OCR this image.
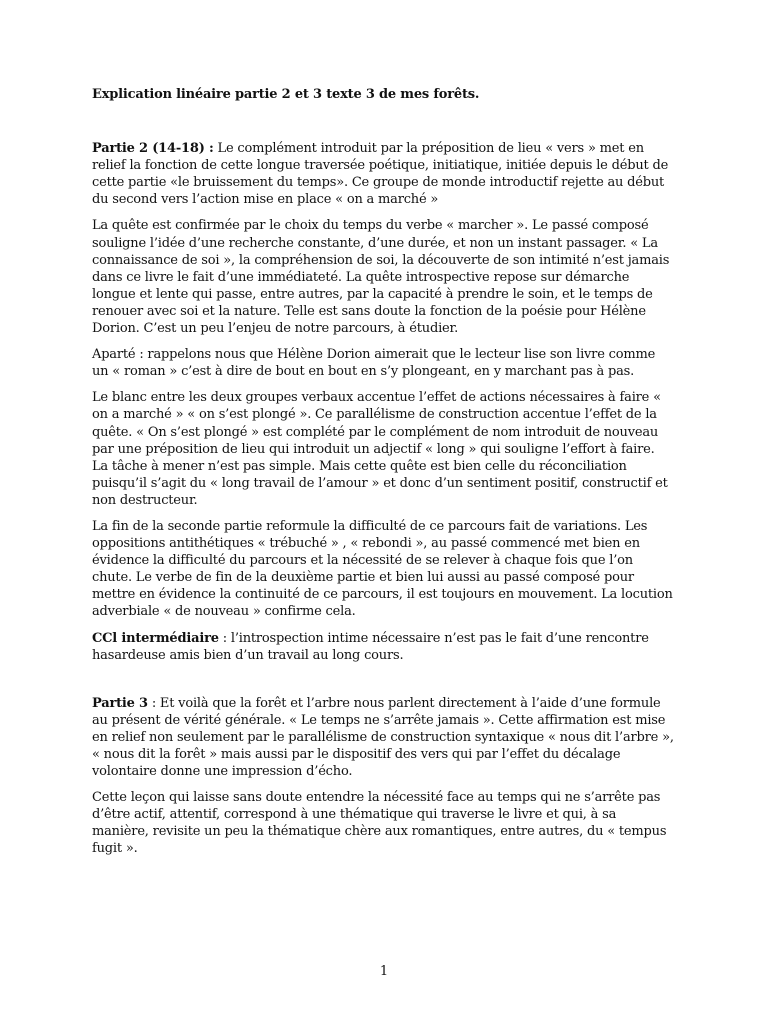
Explication linéaire partie 2 et 3 texte 3 de mes forêts.

Partie 2 (14-18) : Le complément introduit par la préposition de lieu « vers » met en relief la fonction de cette longue traversée poétique, initiatique, initiée depuis le début de cette partie «le bruissement du temps». Ce groupe de monde introductif rejette au début du second vers l’action mise en place « on a marché »

La quête est confirmée par le choix du temps du verbe « marcher ». Le passé composé souligne l’idée d’une recherche constante, d’une durée, et non un instant passager. « La connaissance de soi », la compréhension de soi, la découverte de son intimité n’est jamais dans ce livre le fait d’une immédiateté. La quête introspective repose sur démarche longue et lente qui passe, entre autres, par la capacité à prendre le soin, et le temps de renouer avec soi et la nature. Telle est sans doute la fonction de la poésie pour Hélène Dorion. C’est un peu l’enjeu de notre parcours, à étudier.

Aparté : rappelons nous que Hélène Dorion aimerait que le lecteur lise son livre comme un « roman » c’est à dire de bout en bout en s’y plongeant, en y marchant pas à pas.

Le blanc entre les deux groupes verbaux accentue l’effet de actions nécessaires à faire « on a marché » « on s’est plongé ». Ce parallélisme de construction accentue l’effet de la quête. « On s’est plongé » est complété par le complément de nom introduit de nouveau par une préposition de lieu qui introduit un adjectif « long » qui souligne l’effort à faire. La tâche à mener n’est pas simple. Mais cette quête est bien celle du réconciliation puisqu’il s’agit du « long travail de l’amour » et donc d’un sentiment positif, constructif et non destructeur.

La fin de la seconde partie reformule la difficulté de ce parcours fait de variations. Les oppositions antithétiques « trébuché » , « rebondi », au passé commencé met bien en évidence la difficulté du parcours et la nécessité de se relever à chaque fois que l’on chute. Le verbe de fin de la deuxième partie et bien lui aussi au passé composé pour mettre en évidence la continuité de ce parcours, il est toujours en mouvement. La locution adverbiale « de nouveau » confirme cela.

CCl intermédiaire : l’introspection intime nécessaire n’est pas le fait d’une rencontre hasardeuse amis bien d’un travail au long cours.

Partie 3 : Et voilà que la forêt et l’arbre nous parlent directement à l’aide d’une formule au présent de vérité générale. « Le temps ne s’arrête jamais ». Cette affirmation est mise en relief non seulement par le parallélisme de construction syntaxique « nous dit l’arbre », « nous dit la forêt » mais aussi par le dispositif des vers qui par l’effet du décalage volontaire donne une impression d’écho.

Cette leçon qui laisse sans doute entendre la nécessité face au temps qui ne s’arrête pas d’être actif, attentif, correspond à une thématique qui traverse le livre et qui, à sa manière, revisite un peu la thématique chère aux romantiques, entre autres, du « tempus fugit ».

1
